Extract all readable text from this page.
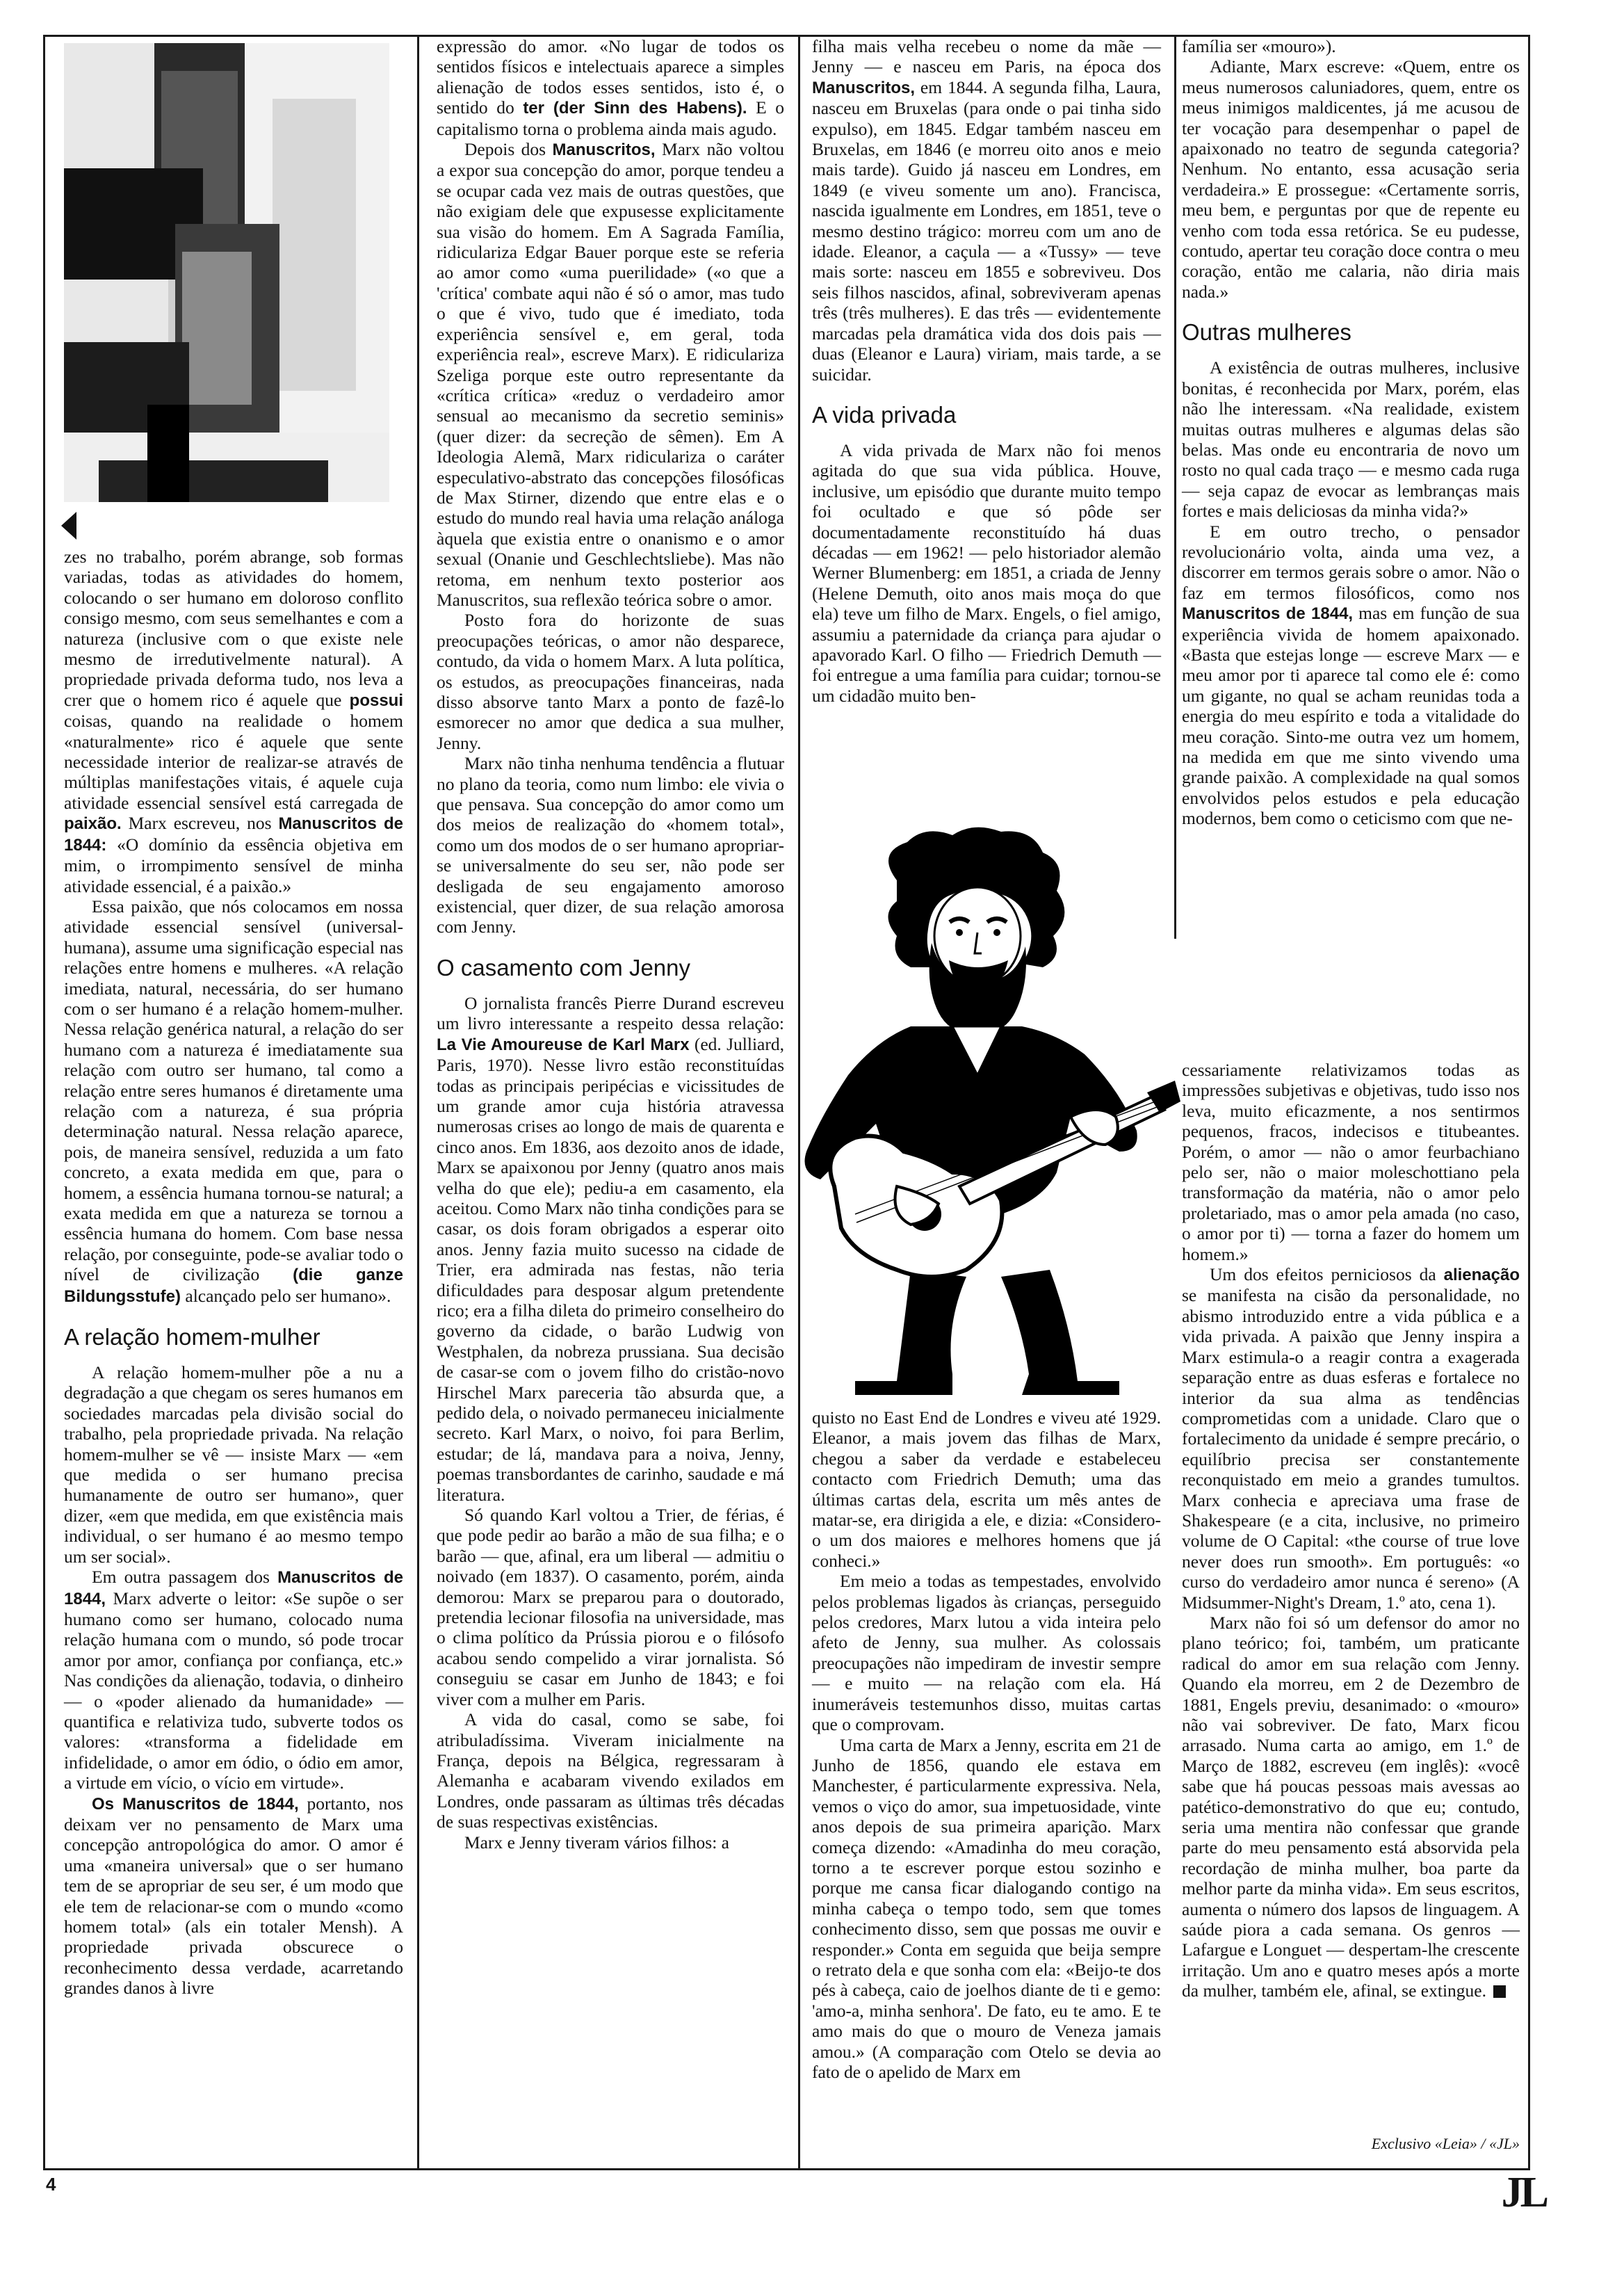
zes no trabalho, porém abrange, sob formas variadas, todas as atividades do homem, colocando o ser humano em doloroso conflito consigo mesmo, com seus semelhantes e com a natureza (inclusive com o que existe nele mesmo de irredutivelmente natural). A propriedade privada deforma tudo, nos leva a crer que o homem rico é aquele que possui coisas, quando na realidade o homem «naturalmente» rico é aquele que sente necessidade interior de realizar-se através de múltiplas manifestações vitais, é aquele cuja atividade essencial sensível está carregada de paixão. Marx escreveu, nos Manuscritos de 1844: «O domínio da essência objetiva em mim, o irrompimento sensível de minha atividade essencial, é a paixão.»

Essa paixão, que nós colocamos em nossa atividade essencial sensível (universal-humana), assume uma significação especial nas relações entre homens e mulheres. «A relação imediata, natural, necessária, do ser humano com o ser humano é a relação homem-mulher. Nessa relação genérica natural, a relação do ser humano com a natureza é imediatamente sua relação com outro ser humano, tal como a relação entre seres humanos é diretamente uma relação com a natureza, é sua própria determinação natural. Nessa relação aparece, pois, de maneira sensível, reduzida a um fato concreto, a exata medida em que, para o homem, a essência humana tornou-se natural; a exata medida em que a natureza se tornou a essência humana do homem. Com base nessa relação, por conseguinte, pode-se avaliar todo o nível de civilização (die ganze Bildungsstufe) alcançado pelo ser humano».

A relação homem-mulher

A relação homem-mulher põe a nu a degradação a que chegam os seres humanos em sociedades marcadas pela divisão social do trabalho, pela propriedade privada. Na relação homem-mulher se vê — insiste Marx — «em que medida o ser humano precisa humanamente de outro ser humano», quer dizer, «em que medida, em que existência mais individual, o ser humano é ao mesmo tempo um ser social».

Em outra passagem dos Manuscritos de 1844, Marx adverte o leitor: «Se supõe o ser humano como ser humano, colocado numa relação humana com o mundo, só pode trocar amor por amor, confiança por confiança, etc.» Nas condições da alienação, todavia, o dinheiro — o «poder alienado da humanidade» — quantifica e relativiza tudo, subverte todos os valores: «transforma a fidelidade em infidelidade, o amor em ódio, o ódio em amor, a virtude em vício, o vício em virtude».

Os Manuscritos de 1844, portanto, nos deixam ver no pensamento de Marx uma concepção antropológica do amor. O amor é uma «maneira universal» que o ser humano tem de se apropriar de seu ser, é um modo que ele tem de relacionar-se com o mundo «como homem total» (als ein totaler Mensh). A propriedade privada obscurece o reconhecimento dessa verdade, acarretando grandes danos à livre

expressão do amor. «No lugar de todos os sentidos físicos e intelectuais aparece a simples alienação de todos esses sentidos, isto é, o sentido do ter (der Sinn des Habens). E o capitalismo torna o problema ainda mais agudo.

Depois dos Manuscritos, Marx não voltou a expor sua concepção do amor, porque tendeu a se ocupar cada vez mais de outras questões, que não exigiam dele que expusesse explicitamente sua visão do homem. Em A Sagrada Família, ridiculariza Edgar Bauer porque este se referia ao amor como «uma puerilidade» («o que a 'crítica' combate aqui não é só o amor, mas tudo o que é vivo, tudo que é imediato, toda experiência sensível e, em geral, toda experiência real», escreve Marx). E ridiculariza Szeliga porque este outro representante da «crítica crítica» «reduz o verdadeiro amor sensual ao mecanismo da secretio seminis» (quer dizer: da secreção de sêmen). Em A Ideologia Alemã, Marx ridiculariza o caráter especulativo-abstrato das concepções filosóficas de Max Stirner, dizendo que entre elas e o estudo do mundo real havia uma relação análoga àquela que existia entre o onanismo e o amor sexual (Onanie und Geschlechtsliebe). Mas não retoma, em nenhum texto posterior aos Manuscritos, sua reflexão teórica sobre o amor.

Posto fora do horizonte de suas preocupações teóricas, o amor não desparece, contudo, da vida o homem Marx. A luta política, os estudos, as preocupações financeiras, nada disso absorve tanto Marx a ponto de fazê-lo esmorecer no amor que dedica a sua mulher, Jenny.

Marx não tinha nenhuma tendência a flutuar no plano da teoria, como num limbo: ele vivia o que pensava. Sua concepção do amor como um dos meios de realização do «homem total», como um dos modos de o ser humano apropriar-se universalmente do seu ser, não pode ser desligada de seu engajamento amoroso existencial, quer dizer, de sua relação amorosa com Jenny.

O casamento com Jenny

O jornalista francês Pierre Durand escreveu um livro interessante a respeito dessa relação: La Vie Amoureuse de Karl Marx (ed. Julliard, Paris, 1970). Nesse livro estão reconstituídas todas as principais peripécias e vicissitudes de um grande amor cuja história atravessa numerosas crises ao longo de mais de quarenta e cinco anos. Em 1836, aos dezoito anos de idade, Marx se apaixonou por Jenny (quatro anos mais velha do que ele); pediu-a em casamento, ela aceitou. Como Marx não tinha condições para se casar, os dois foram obrigados a esperar oito anos. Jenny fazia muito sucesso na cidade de Trier, era admirada nas festas, não teria dificuldades para desposar algum pretendente rico; era a filha dileta do primeiro conselheiro do governo da cidade, o barão Ludwig von Westphalen, da nobreza prussiana. Sua decisão de casar-se com o jovem filho do cristão-novo Hirschel Marx pareceria tão absurda que, a pedido dela, o noivado permaneceu inicialmente secreto. Karl Marx, o noivo, foi para Berlim, estudar; de lá, mandava para a noiva, Jenny, poemas transbordantes de carinho, saudade e má literatura.

Só quando Karl voltou a Trier, de férias, é que pode pedir ao barão a mão de sua filha; e o barão — que, afinal, era um liberal — admitiu o noivado (em 1837). O casamento, porém, ainda demorou: Marx se preparou para o doutorado, pretendia lecionar filosofia na universidade, mas o clima político da Prússia piorou e o filósofo acabou sendo compelido a virar jornalista. Só conseguiu se casar em Junho de 1843; e foi viver com a mulher em Paris.

A vida do casal, como se sabe, foi atribuladíssima. Viveram inicialmente na França, depois na Bélgica, regressaram à Alemanha e acabaram vivendo exilados em Londres, onde passaram as últimas três décadas de suas respectivas existências.

Marx e Jenny tiveram vários filhos: a

filha mais velha recebeu o nome da mãe — Jenny — e nasceu em Paris, na época dos Manuscritos, em 1844. A segunda filha, Laura, nasceu em Bruxelas (para onde o pai tinha sido expulso), em 1845. Edgar também nasceu em Bruxelas, em 1846 (e morreu oito anos e meio mais tarde). Guido já nasceu em Londres, em 1849 (e viveu somente um ano). Francisca, nascida igualmente em Londres, em 1851, teve o mesmo destino trágico: morreu com um ano de idade. Eleanor, a caçula — a «Tussy» — teve mais sorte: nasceu em 1855 e sobreviveu. Dos seis filhos nascidos, afinal, sobreviveram apenas três (três mulheres). E das três — evidentemente marcadas pela dramática vida dos dois pais — duas (Eleanor e Laura) viriam, mais tarde, a se suicidar.

A vida privada

A vida privada de Marx não foi menos agitada do que sua vida pública. Houve, inclusive, um episódio que durante muito tempo foi ocultado e que só pôde ser documentadamente reconstituído há duas décadas — em 1962! — pelo historiador alemão Werner Blumenberg: em 1851, a criada de Jenny (Helene Demuth, oito anos mais moça do que ela) teve um filho de Marx. Engels, o fiel amigo, assumiu a paternidade da criança para ajudar o apavorado Karl. O filho — Friedrich Demuth — foi entregue a uma família para cuidar; tornou-se um cidadão muito ben-

quisto no East End de Londres e viveu até 1929. Eleanor, a mais jovem das filhas de Marx, chegou a saber da verdade e estabeleceu contacto com Friedrich Demuth; uma das últimas cartas dela, escrita um mês antes de matar-se, era dirigida a ele, e dizia: «Considero-o um dos maiores e melhores homens que já conheci.»

Em meio a todas as tempestades, envolvido pelos problemas ligados às crianças, perseguido pelos credores, Marx lutou a vida inteira pelo afeto de Jenny, sua mulher. As colossais preocupações não impediram de investir sempre — e muito — na relação com ela. Há inumeráveis testemunhos disso, muitas cartas que o comprovam.

Uma carta de Marx a Jenny, escrita em 21 de Junho de 1856, quando ele estava em Manchester, é particularmente expressiva. Nela, vemos o viço do amor, sua impetuosidade, vinte anos depois de sua primeira aparição. Marx começa dizendo: «Amadinha do meu coração, torno a te escrever porque estou sozinho e porque me cansa ficar dialogando contigo na minha cabeça o tempo todo, sem que tomes conhecimento disso, sem que possas me ouvir e responder.» Conta em seguida que beija sempre o retrato dela e que sonha com ela: «Beijo-te dos pés à cabeça, caio de joelhos diante de ti e gemo: 'amo-a, minha senhora'. De fato, eu te amo. E te amo mais do que o mouro de Veneza jamais amou.» (A comparação com Otelo se devia ao fato de o apelido de Marx em

família ser «mouro»).

Adiante, Marx escreve: «Quem, entre os meus numerosos caluniadores, quem, entre os meus inimigos maldicentes, já me acusou de ter vocação para desempenhar o papel de apaixonado no teatro de segunda categoria? Nenhum. No entanto, essa acusação seria verdadeira.» E prossegue: «Certamente sorris, meu bem, e perguntas por que de repente eu venho com toda essa retórica. Se eu pudesse, contudo, apertar teu coração doce contra o meu coração, então me calaria, não diria mais nada.»

Outras mulheres

A existência de outras mulheres, inclusive bonitas, é reconhecida por Marx, porém, elas não lhe interessam. «Na realidade, existem muitas outras mulheres e algumas delas são belas. Mas onde eu encontraria de novo um rosto no qual cada traço — e mesmo cada ruga — seja capaz de evocar as lembranças mais fortes e mais deliciosas da minha vida?»

E em outro trecho, o pensador revolucionário volta, ainda uma vez, a discorrer em termos gerais sobre o amor. Não o faz em termos filosóficos, como nos Manuscritos de 1844, mas em função de sua experiência vivida de homem apaixonado. «Basta que estejas longe — escreve Marx — e meu amor por ti aparece tal como ele é: como um gigante, no qual se acham reunidas toda a energia do meu espírito e toda a vitalidade do meu coração. Sinto-me outra vez um homem, na medida em que me sinto vivendo uma grande paixão. A complexidade na qual somos envolvidos pelos estudos e pela educação modernos, bem como o ceticismo com que ne-

cessariamente relativizamos todas as impressões subjetivas e objetivas, tudo isso nos leva, muito eficazmente, a nos sentirmos pequenos, fracos, indecisos e titubeantes. Porém, o amor — não o amor feurbachiano pelo ser, não o maior moleschottiano pela transformação da matéria, não o amor pelo proletariado, mas o amor pela amada (no caso, o amor por ti) — torna a fazer do homem um homem.»

Um dos efeitos perniciosos da alienação se manifesta na cisão da personalidade, no abismo introduzido entre a vida pública e a vida privada. A paixão que Jenny inspira a Marx estimula-o a reagir contra a exagerada separação entre as duas esferas e fortalece no interior da sua alma as tendências comprometidas com a unidade. Claro que o fortalecimento da unidade é sempre precário, o equilíbrio precisa ser constantemente reconquistado em meio a grandes tumultos. Marx conhecia e apreciava uma frase de Shakespeare (e a cita, inclusive, no primeiro volume de O Capital: «the course of true love never does run smooth». Em português: «o curso do verdadeiro amor nunca é sereno» (A Midsummer-Night's Dream, 1.º ato, cena 1).

Marx não foi só um defensor do amor no plano teórico; foi, também, um praticante radical do amor em sua relação com Jenny. Quando ela morreu, em 2 de Dezembro de 1881, Engels previu, desanimado: o «mouro» não vai sobreviver. De fato, Marx ficou arrasado. Numa carta ao amigo, em 1.º de Março de 1882, escreveu (em inglês): «você sabe que há poucas pessoas mais avessas ao patético-demonstrativo do que eu; contudo, seria uma mentira não confessar que grande parte do meu pensamento está absorvida pela recordação de minha mulher, boa parte da melhor parte da minha vida». Em seus escritos, aumenta o número dos lapsos de linguagem. A saúde piora a cada semana. Os genros — Lafargue e Longuet — despertam-lhe crescente irritação. Um ano e quatro meses após a morte da mulher, também ele, afinal, se extingue.

Exclusivo «Leia» / «JL»
4	JL
